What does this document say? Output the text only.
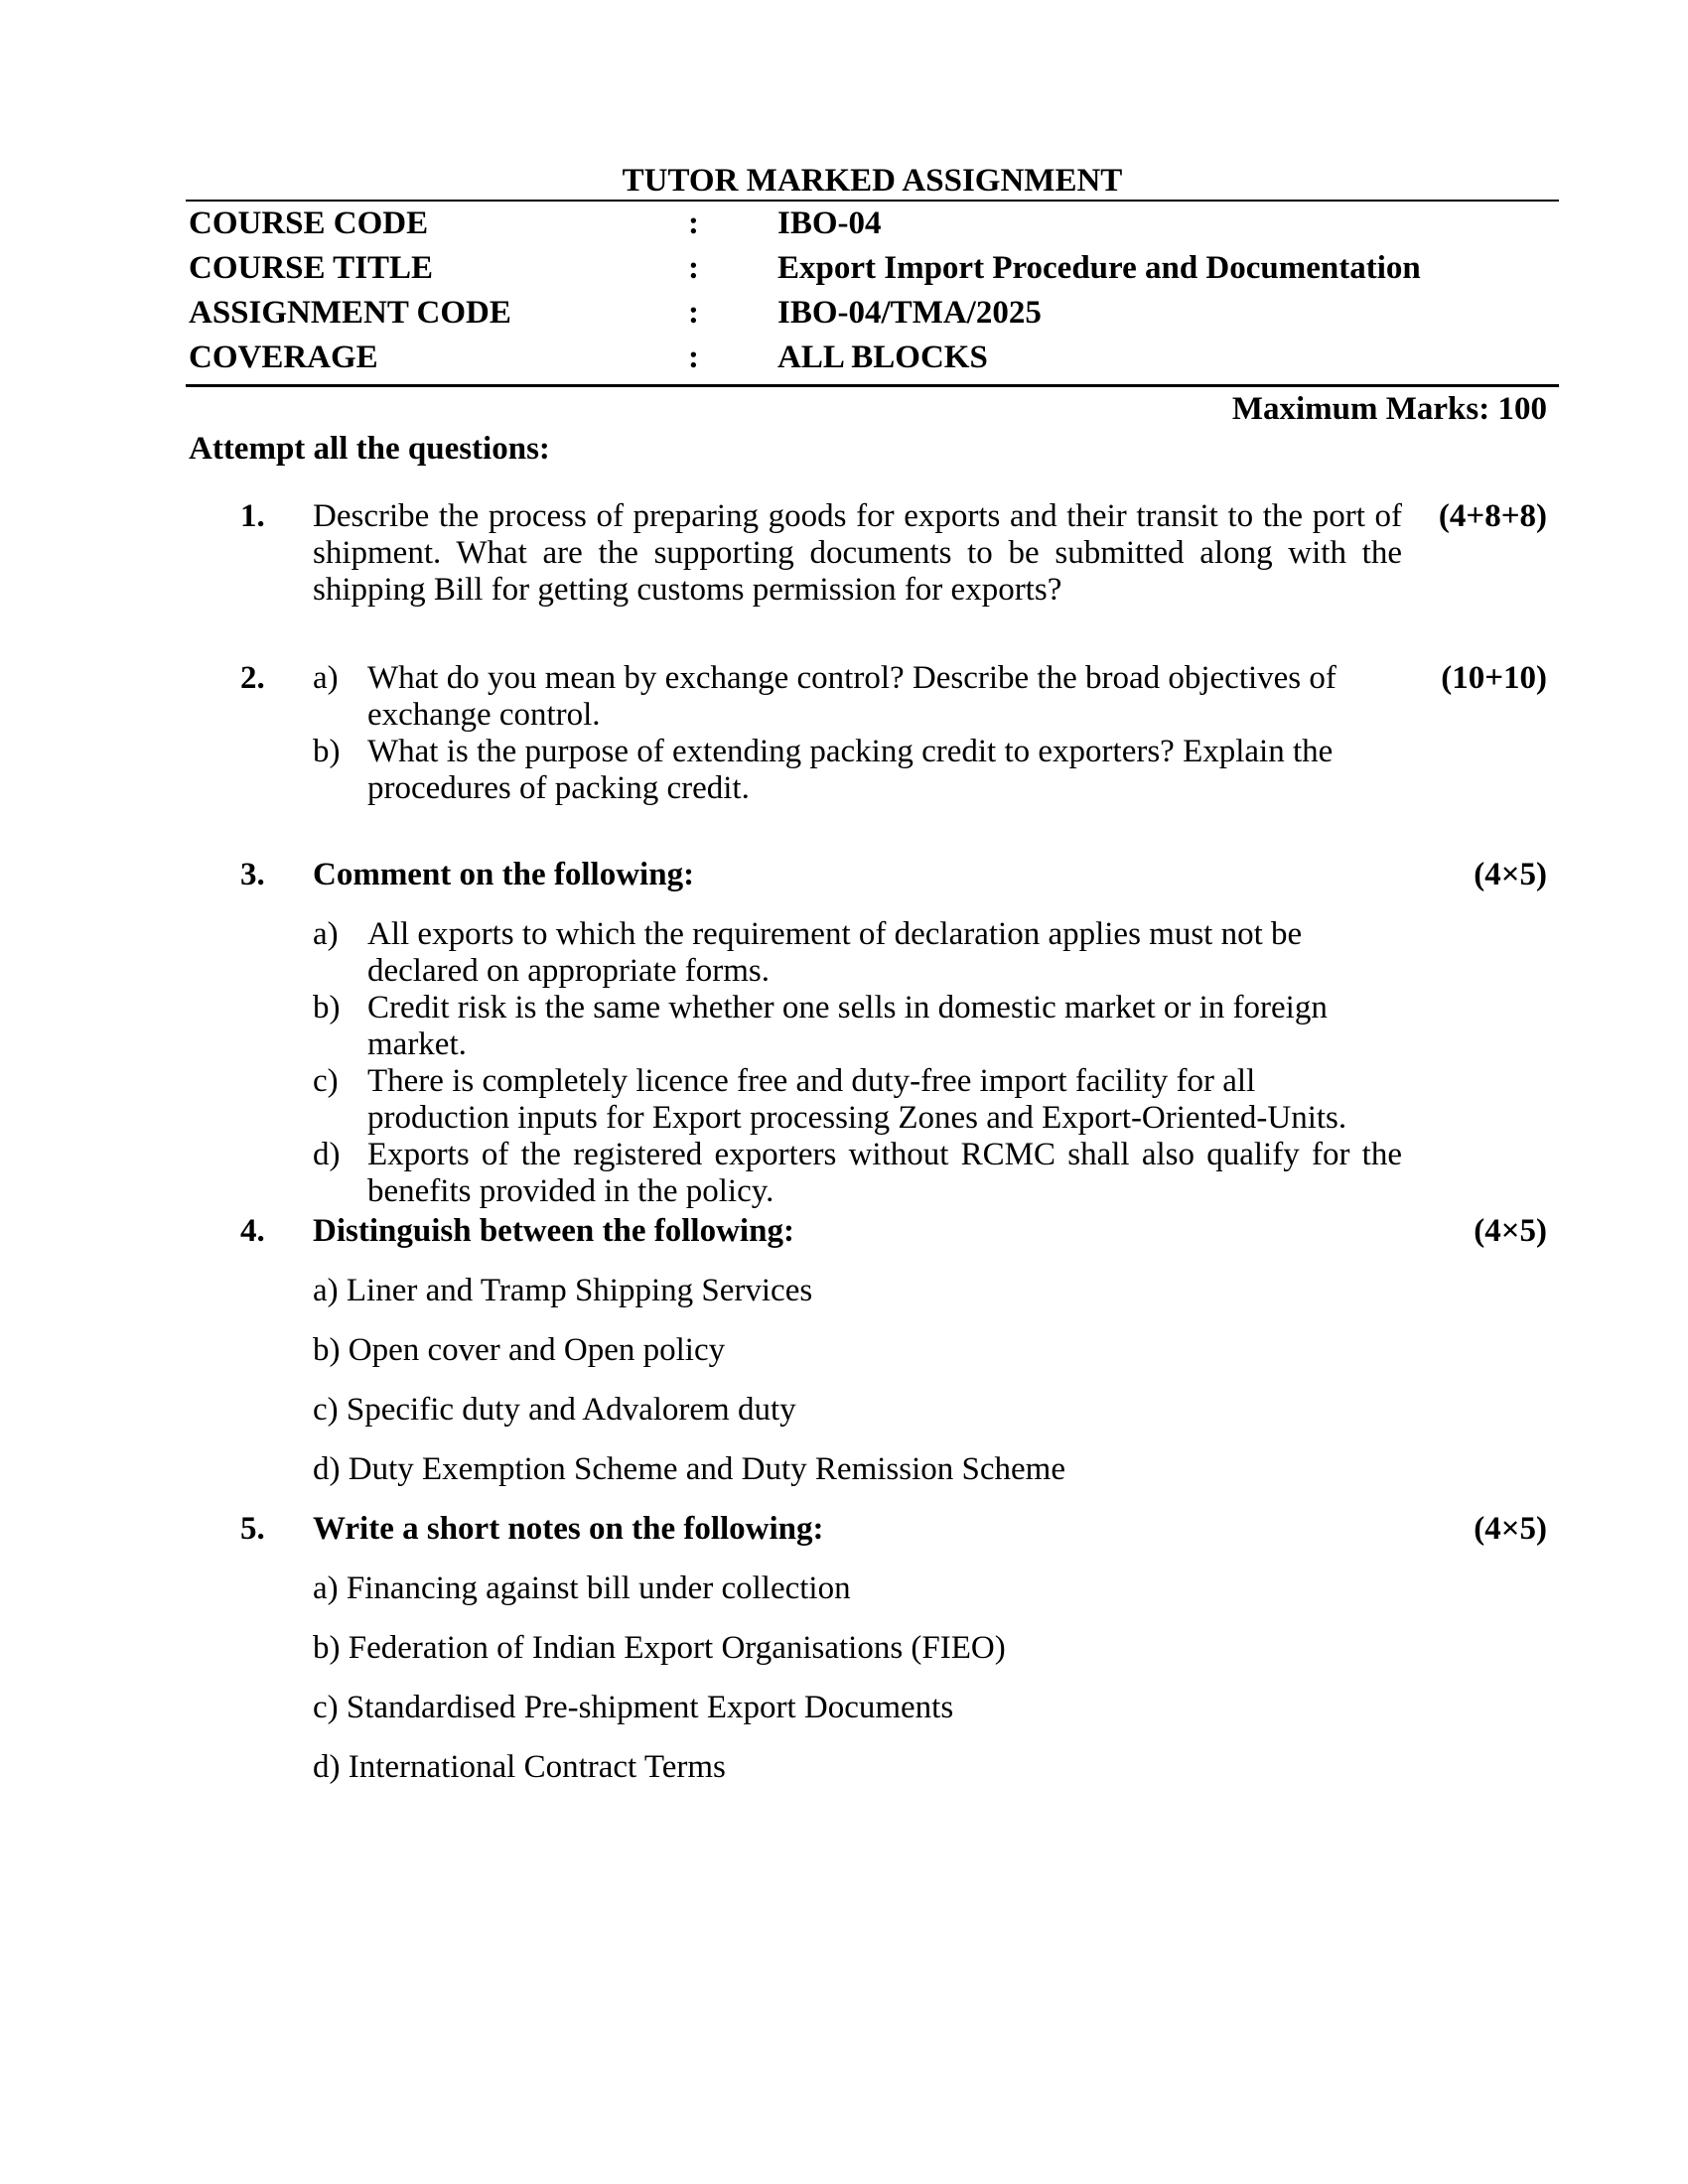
TUTOR MARKED ASSIGNMENT
COURSE CODE	:	IBO-04
COURSE TITLE	:	Export Import Procedure and Documentation
ASSIGNMENT CODE	:	IBO-04/TMA/2025
COVERAGE	:	ALL BLOCKS
Maximum Marks: 100
Attempt all the questions:
1.	Describe the process of preparing goods for exports and their transit to the port of
shipment. What are the supporting documents to be submitted along with the
shipping Bill for getting customs permission for exports?
(4+8+8)
2.	a) What do you mean by exchange control? Describe the broad objectives of
exchange control.
b) What is the purpose of extending packing credit to exporters? Explain the
procedures of packing credit.
(10+10)
3.	Comment on the following:
a) All exports to which the requirement of declaration applies must not be
declared on appropriate forms.
b) Credit risk is the same whether one sells in domestic market or in foreign
market.
c) There is completely licence free and duty-free import facility for all
production inputs for Export processing Zones and Export-Oriented-Units.
d) Exports of the registered exporters without RCMC shall also qualify for the
benefits provided in the policy.
(4×5)
4.	Distinguish between the following:
a) Liner and Tramp Shipping Services
b) Open cover and Open policy
c) Specific duty and Advalorem duty
d) Duty Exemption Scheme and Duty Remission Scheme
(4×5)
5.	Write a short notes on the following:
a) Financing against bill under collection
b) Federation of Indian Export Organisations (FIEO)
c) Standardised Pre-shipment Export Documents
d) International Contract Terms
(4×5)
